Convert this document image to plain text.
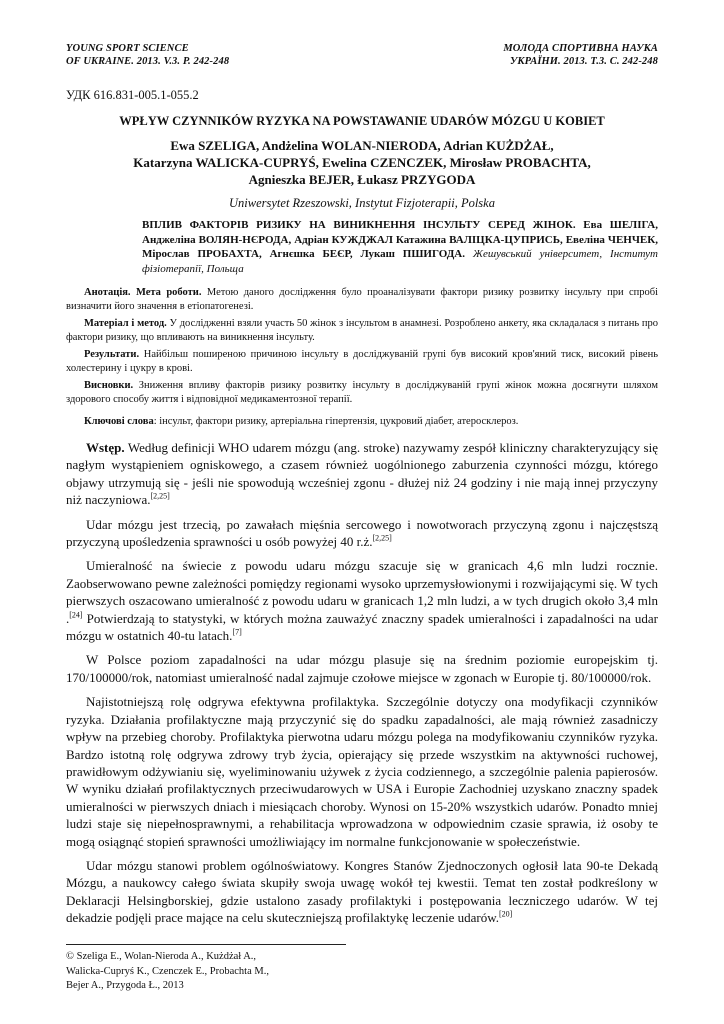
YOUNG SPORT SCIENCE
OF UKRAINE. 2013. V.3. P. 242-248
МОЛОДА СПОРТИВНА НАУКА
УКРАЇНИ. 2013. Т.3. С. 242-248
УДК 616.831-005.1-055.2
WPŁYW CZYNNIKÓW RYZYKA NA POWSTAWANIE UDARÓW MÓZGU U KOBIET
Ewa SZELIGA, Andżelina WOLAN-NIERODA, Adrian KUŻDŻAŁ,
Katarzyna WALICKA-CUPRYŚ, Ewelina CZENCZEK, Mirosław PROBACHTA,
Agnieszka BEJER, Łukasz PRZYGODA
Uniwersytet Rzeszowski, Instytut Fizjoterapii, Polska
ВПЛИВ ФАКТОРІВ РИЗИКУ НА ВИНИКНЕННЯ ІНСУЛЬТУ СЕРЕД ЖІНОК. Ева ШЕЛІГА, Анджеліна ВОЛЯН-НЄРОДА, Адріан КУЖДЖАЛ Катажина ВАЛІЦКА-ЦУПРИСЬ, Евеліна ЧЕНЧЕК, Міроcлав ПРОБАХТА, Агнєшка БЕЄР, Лукаш ПШИГОДА. Жешувський університет, Інститут фізіотерапії, Польща

Анотація. Мета роботи. Метою даного дослідження було проаналізувати фактори ризику розвитку інсульту при спробі визначити його значення в етіопатогенезі.

Матеріал і метод. У дослідженні взяли участь 50 жінок з інсультом в анамнезі. Розроблено анкету, яка складалася з питань про фактори ризику, що впливають на виникнення інсульту.

Результати. Найбільш поширеною причиною інсульту в досліджуваній групі був високий кров'яний тиск, високий рівень холестерину і цукру в крові.

Висновки. Зниження впливу факторів ризику розвитку інсульту в досліджуваній групі жінок можна досягнути шляхом здорового способу життя і відповідної медикаментозної терапії.

Ключові слова: інсульт, фактори ризику, артеріальна гіпертензія, цукровий діабет, атеросклероз.

Wstęp. Według definicji WHO udarem mózgu (ang. stroke) nazywamy zespół kliniczny charakteryzujący się nagłym wystąpieniem ogniskowego, a czasem również uogólnionego zaburzenia czynności mózgu, którego objawy utrzymują się - jeśli nie spowodują wcześniej zgonu - dłużej niż 24 godziny i nie mają innej przyczyny niż naczyniowa.[2,25]

Udar mózgu jest trzecią, po zawałach mięśnia sercowego i nowotworach przyczyną zgonu i najczęstszą przyczyną upośledzenia sprawności u osób powyżej 40 r.ż.[2,25]

Umieralność na świecie z powodu udaru mózgu szacuje się w granicach 4,6 mln ludzi rocznie. Zaobserwowano pewne zależności pomiędzy regionami wysoko uprzemysłowionymi i rozwijającymi się. W tych pierwszych oszacowano umieralność z powodu udaru w granicach 1,2 mln ludzi, a w tych drugich około 3,4 mln .[24] Potwierdzają to statystyki, w których można zauważyć znaczny spadek umieralności i zapadalności na udar mózgu w ostatnich 40-tu latach.[7]

W Polsce poziom zapadalności na udar mózgu plasuje się na średnim poziomie europejskim tj. 170/100000/rok, natomiast umieralność nadal zajmuje czołowe miejsce w zgonach w Europie tj. 80/100000/rok.

Najistotniejszą rolę odgrywa efektywna profilaktyka. Szczególnie dotyczy ona modyfikacji czynników ryzyka. Działania profilaktyczne mają przyczynić się do spadku zapadalności, ale mają również zasadniczy wpływ na przebieg choroby. Profilaktyka pierwotna udaru mózgu polega na modyfikowaniu czynników ryzyka. Bardzo istotną rolę odgrywa zdrowy tryb życia, opierający się przede wszystkim na aktywności ruchowej, prawidłowym odżywianiu się, wyeliminowaniu używek z życia codziennego, a szczególnie palenia papierosów. W wyniku działań profilaktycznych przeciwudarowych w USA i Europie Zachodniej uzyskano znaczny spadek umieralności w pierwszych dniach i miesiącach choroby. Wynosi on 15-20% wszystkich udarów. Ponadto mniej ludzi staje się niepełnosprawnymi, a rehabilitacja wprowadzona w odpowiednim czasie sprawia, iż osoby te mogą osiągnąć stopień sprawności umożliwiający im normalne funkcjonowanie w społeczeństwie.

Udar mózgu stanowi problem ogólnoświatowy. Kongres Stanów Zjednoczonych ogłosił lata 90-te Dekadą Mózgu, a naukowcy całego świata skupiły swoja uwagę wokół tej kwestii. Temat ten został podkreślony w Deklaracji Helsingborskiej, gdzie ustalono zasady profilaktyki i postępowania leczniczego udarów. W tej dekadzie podjęli prace mające na celu skuteczniejszą profilaktykę leczenie udarów.[20]

© Szeliga E., Wolan-Nieroda A., Kużdżał A.,
Walicka-Cupryś K., Czenczek E., Probachta M.,
Bejer A., Przygoda Ł., 2013
